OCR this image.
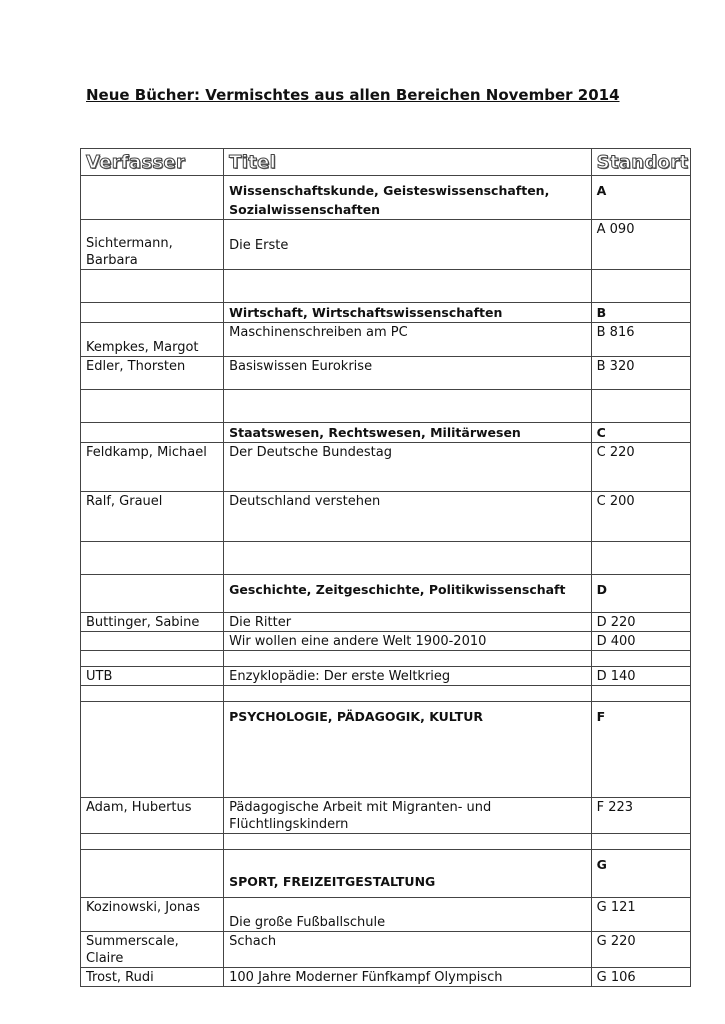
Neue Bücher: Vermischtes aus allen Bereichen November 2014
Verfasser	Titel	Standort
	Wissenschaftskunde, Geisteswissenschaften, Sozialwissenschaften	A
Sichtermann, Barbara	Die Erste	A 090

	Wirtschaft, Wirtschaftswissenschaften	B
Kempkes, Margot	Maschinenschreiben am PC	B 816
Edler, Thorsten	Basiswissen Eurokrise	B 320

	Staatswesen, Rechtswesen, Militärwesen	C
Feldkamp, Michael	Der Deutsche Bundestag	C 220
Ralf, Grauel	Deutschland verstehen	C 200

	Geschichte, Zeitgeschichte, Politikwissenschaft	D
Buttinger, Sabine	Die Ritter	D 220
	Wir wollen eine andere Welt 1900-2010	D 400

UTB	Enzyklopädie: Der erste Weltkrieg	D 140

	PSYCHOLOGIE, PÄDAGOGIK, KULTUR	F
Adam, Hubertus	Pädagogische Arbeit mit Migranten- und Flüchtlingskindern	F 223

	SPORT, FREIZEITGESTALTUNG	G
Kozinowski, Jonas	Die große Fußballschule	G 121
Summerscale, Claire	Schach	G 220
Trost, Rudi	100 Jahre Moderner Fünfkampf Olympisch	G 106
